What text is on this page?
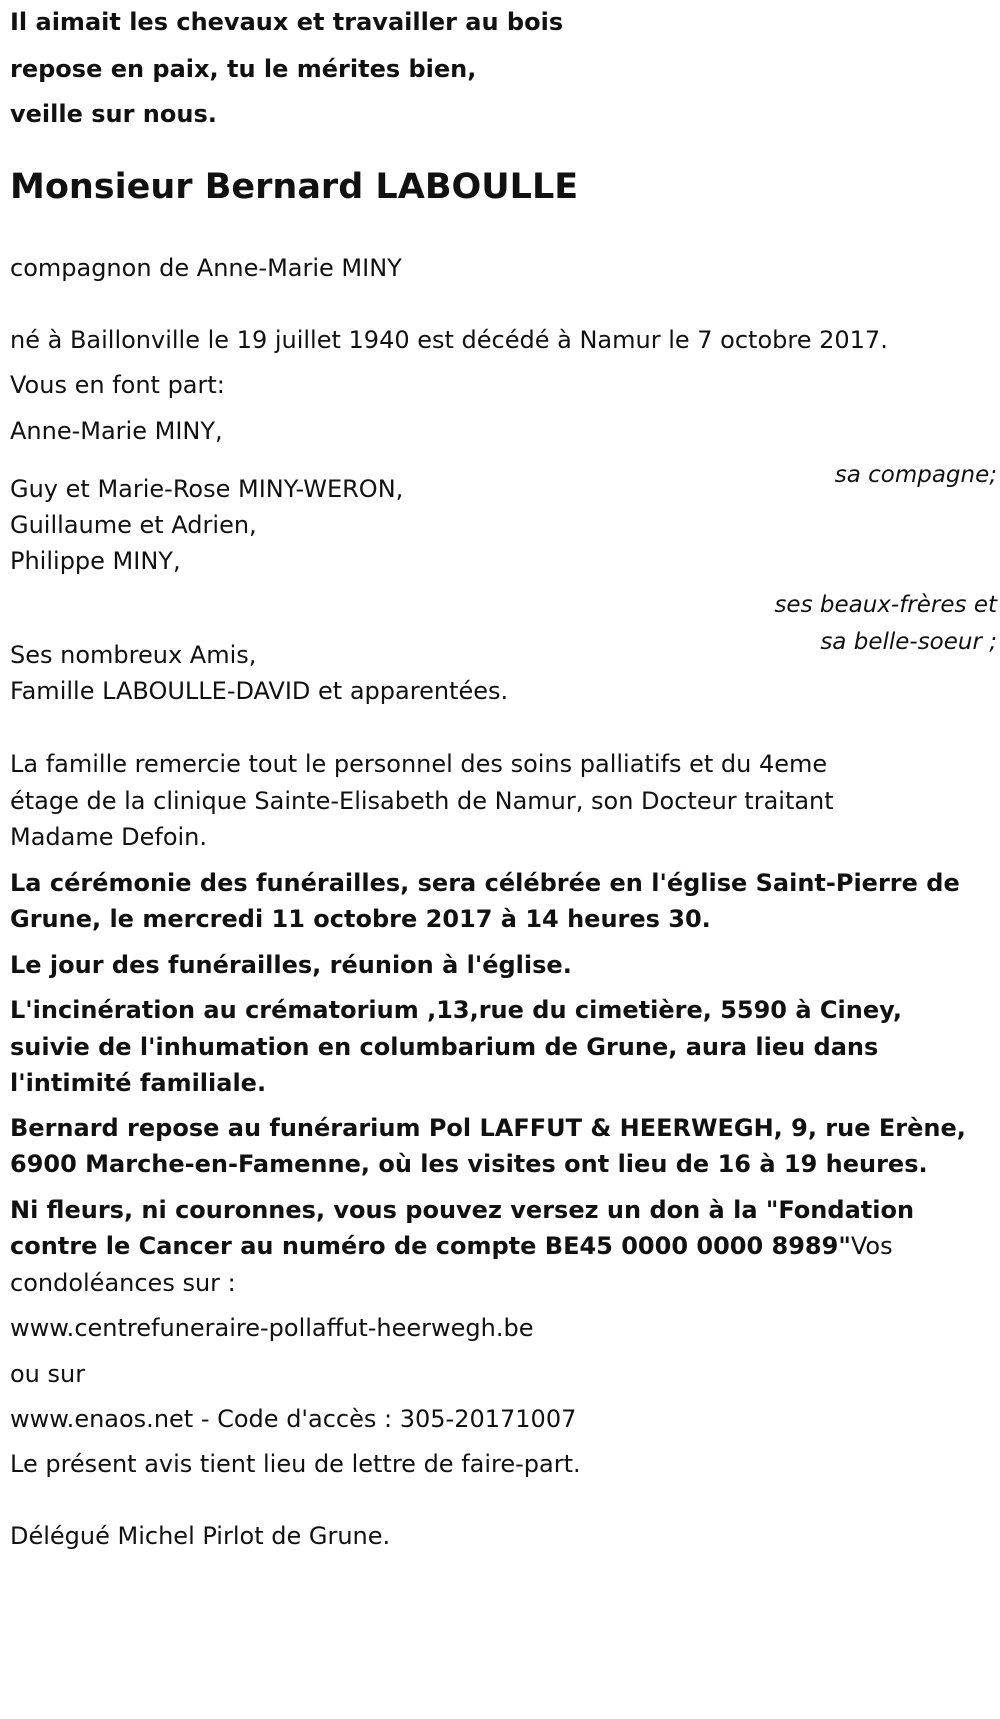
Il aimait les chevaux et travailler au bois

repose en paix, tu le mérites bien,

veille sur nous.

Monsieur Bernard LABOULLE

compagnon de Anne-Marie MINY

né à Baillonville le 19 juillet 1940 est décédé à Namur le 7 octobre 2017.

Vous en font part:

Anne-Marie MINY,

sa compagne;

Guy et Marie-Rose MINY-WERON,

Guillaume et Adrien,

Philippe MINY,

ses beaux-frères et

sa belle-soeur ;

Ses nombreux Amis,

Famille LABOULLE-DAVID et apparentées.

La famille remercie tout le personnel des soins palliatifs et du 4eme

étage de la clinique Sainte-Elisabeth de Namur, son Docteur traitant

Madame Defoin.

La cérémonie des funérailles, sera célébrée en l'église Saint-Pierre de

Grune, le mercredi 11 octobre 2017 à 14 heures 30.

Le jour des funérailles, réunion à l'église.

L'incinération au crématorium ,13,rue du cimetière, 5590 à Ciney,

suivie de l'inhumation en columbarium de Grune, aura lieu dans

l'intimité familiale.

Bernard repose au funérarium Pol LAFFUT & HEERWEGH, 9, rue Erène,

6900 Marche-en-Famenne, où les visites ont lieu de 16 à 19 heures.

Ni fleurs, ni couronnes, vous pouvez versez un don à la "Fondation

contre le Cancer au numéro de compte BE45 0000 0000 8989"Vos

condoléances sur :

www.centrefuneraire-pollaffut-heerwegh.be

ou sur

www.enaos.net - Code d'accès : 305-20171007

Le présent avis tient lieu de lettre de faire-part.

Délégué Michel Pirlot de Grune.
